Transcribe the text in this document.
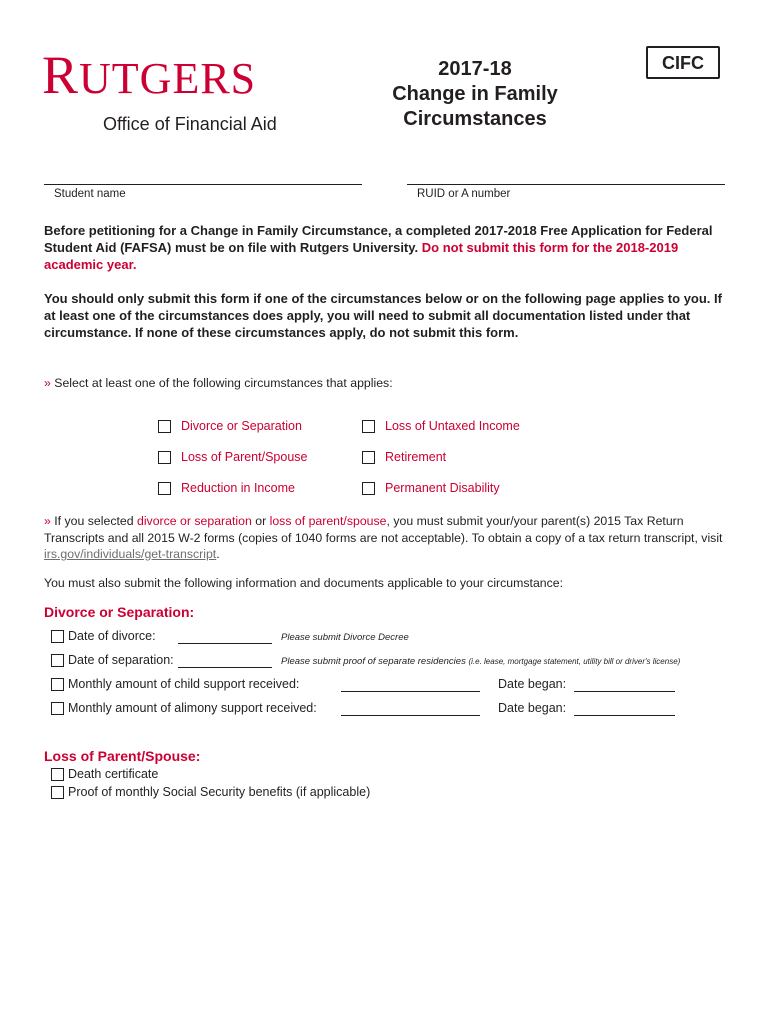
RUTGERS
Office of Financial Aid
2017-18
Change in Family
Circumstances
CIFC
Student name	RUID or A number
Before petitioning for a Change in Family Circumstance, a completed 2017-2018 Free Application for Federal Student Aid (FAFSA) must be on file with Rutgers University. Do not submit this form for the 2018-2019 academic year.
You should only submit this form if one of the circumstances below or on the following page applies to you. If at least one of the circumstances does apply, you will need to submit all documentation listed under that circumstance. If none of these circumstances apply, do not submit this form.
» Select at least one of the following circumstances that applies:
Divorce or Separation	Loss of Untaxed Income
Loss of Parent/Spouse	Retirement
Reduction in Income	Permanent Disability
» If you selected divorce or separation or loss of parent/spouse, you must submit your/your parent(s) 2015 Tax Return Transcripts and all 2015 W-2 forms (copies of 1040 forms are not acceptable). To obtain a copy of a tax return transcript, visit irs.gov/individuals/get-transcript.
You must also submit the following information and documents applicable to your circumstance:
Divorce or Separation:
Date of divorce:	Please submit Divorce Decree
Date of separation:	Please submit proof of separate residencies (i.e. lease, mortgage statement, utility bill or driver's license)
Monthly amount of child support received:	Date began:
Monthly amount of alimony support received:	Date began:
Loss of Parent/Spouse:
Death certificate
Proof of monthly Social Security benefits (if applicable)
